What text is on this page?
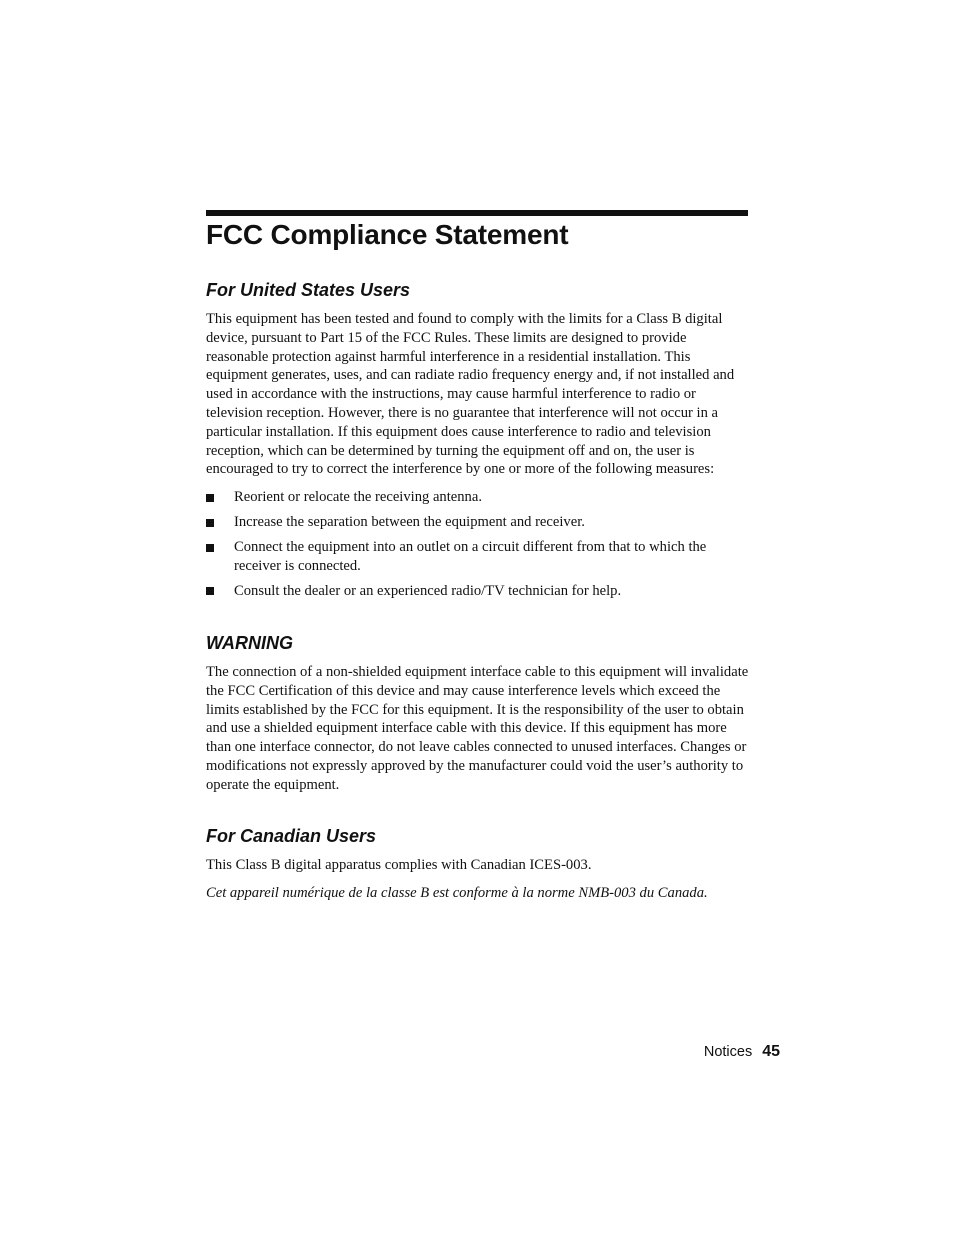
FCC Compliance Statement
For United States Users

This equipment has been tested and found to comply with the limits for a Class B digital device, pursuant to Part 15 of the FCC Rules. These limits are designed to provide reasonable protection against harmful interference in a residential installation. This equipment generates, uses, and can radiate radio frequency energy and, if not installed and used in accordance with the instructions, may cause harmful interference to radio or television reception. However, there is no guarantee that interference will not occur in a particular installation. If this equipment does cause interference to radio and television reception, which can be determined by turning the equipment off and on, the user is encouraged to try to correct the interference by one or more of the following measures:

Reorient or relocate the receiving antenna.
Increase the separation between the equipment and receiver.
Connect the equipment into an outlet on a circuit different from that to which the receiver is connected.
Consult the dealer or an experienced radio/TV technician for help.
WARNING

The connection of a non-shielded equipment interface cable to this equipment will invalidate the FCC Certification of this device and may cause interference levels which exceed the limits established by the FCC for this equipment. It is the responsibility of the user to obtain and use a shielded equipment interface cable with this device. If this equipment has more than one interface connector, do not leave cables connected to unused interfaces. Changes or modifications not expressly approved by the manufacturer could void the user’s authority to operate the equipment.

For Canadian Users

This Class B digital apparatus complies with Canadian ICES-003.

Cet appareil numérique de la classe B est conforme à la norme NMB-003 du Canada.

Notices 45
